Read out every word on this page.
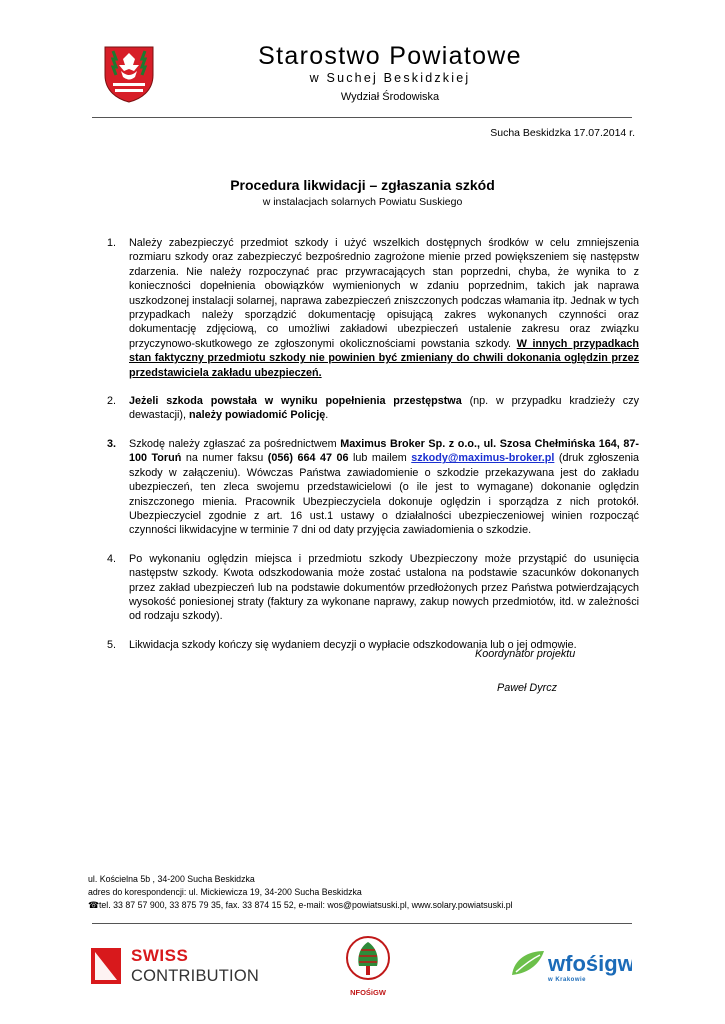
Starostwo Powiatowe
w Suchej Beskidzkiej
Wydział Środowiska
Sucha Beskidzka 17.07.2014 r.
Procedura likwidacji – zgłaszania szkód
w instalacjach solarnych Powiatu Suskiego
1.	Należy zabezpieczyć przedmiot szkody i użyć wszelkich dostępnych środków w celu zmniejszenia rozmiaru szkody oraz zabezpieczyć bezpośrednio zagrożone mienie przed powiększeniem się następstw zdarzenia. Nie należy rozpoczynać prac przywracających stan poprzedni, chyba, że wynika to z konieczności dopełnienia obowiązków wymienionych w zdaniu poprzednim, takich jak naprawa uszkodzonej instalacji solarnej, naprawa zabezpieczeń zniszczonych podczas włamania itp. Jednak w tych przypadkach należy sporządzić dokumentację opisującą zakres wykonanych czynności oraz dokumentację zdjęciową, co umożliwi zakładowi ubezpieczeń ustalenie zakresu oraz związku przyczynowo-skutkowego ze zgłoszonymi okolicznościami powstania szkody. W innych przypadkach stan faktyczny przedmiotu szkody nie powinien być zmieniany do chwili dokonania oględzin przez przedstawiciela zakładu ubezpieczeń.
2.	Jeżeli szkoda powstała w wyniku popełnienia przestępstwa (np. w przypadku kradzieży czy dewastacji), należy powiadomić Policję.
3.	Szkodę należy zgłaszać za pośrednictwem Maximus Broker Sp. z o.o., ul. Szosa Chełmińska 164, 87-100 Toruń na numer faksu (056) 664 47 06 lub mailem szkody@maximus-broker.pl (druk zgłoszenia szkody w załączeniu). Wówczas Państwa zawiadomienie o szkodzie przekazywana jest do zakładu ubezpieczeń, ten zleca swojemu przedstawicielowi (o ile jest to wymagane) dokonanie oględzin zniszczonego mienia. Pracownik Ubezpieczyciela dokonuje oględzin i sporządza z nich protokół. Ubezpieczyciel zgodnie z art. 16 ust.1 ustawy o działalności ubezpieczeniowej winien rozpocząć czynności likwidacyjne w terminie 7 dni od daty przyjęcia zawiadomienia o szkodzie.
4.	Po wykonaniu oględzin miejsca i przedmiotu szkody Ubezpieczony może przystąpić do usunięcia następstw szkody. Kwota odszkodowania może zostać ustalona na podstawie szacunków dokonanych przez zakład ubezpieczeń lub na podstawie dokumentów przedłożonych przez Państwa potwierdzających wysokość poniesionej straty (faktury za wykonane naprawy, zakup nowych przedmiotów, itd. w zależności od rodzaju szkody).
5.	Likwidacja szkody kończy się wydaniem decyzji o wypłacie odszkodowania lub o jej odmowie.
Koordynator projektu
Paweł Dyrcz
ul. Kościelna 5b , 34-200 Sucha Beskidzka
adres do korespondencji: ul. Mickiewicza 19, 34-200 Sucha Beskidzka
☎tel. 33 87 57 900, 33 875 79 35, fax. 33 874 15 52, e-mail: wos@powiatsuski.pl, www.solary.powiatsuski.pl
SWISS
CONTRIBUTION
NFOŚiGW
wfośigw
w Krakowie
